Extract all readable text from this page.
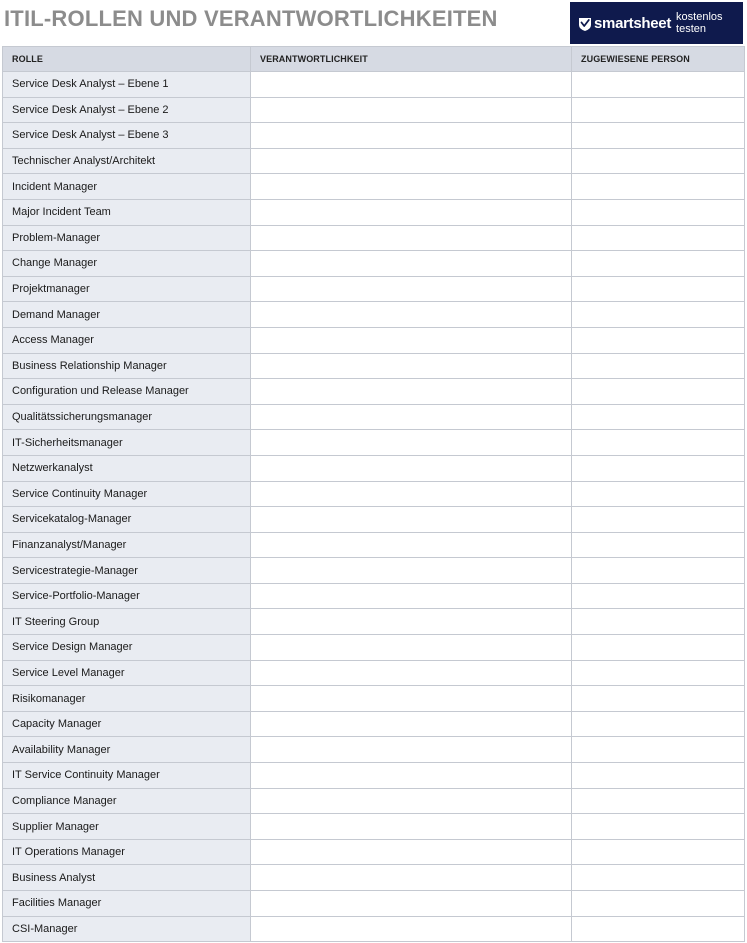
ITIL-ROLLEN UND VERANTWORTLICHKEITEN	smartsheet kostenlos testen
ROLLE	VERANTWORTLICHKEIT	ZUGEWIESENE PERSON
Service Desk Analyst – Ebene 1		
Service Desk Analyst – Ebene 2		
Service Desk Analyst – Ebene 3		
Technischer Analyst/Architekt		
Incident Manager		
Major Incident Team		
Problem-Manager		
Change Manager		
Projektmanager		
Demand Manager		
Access Manager		
Business Relationship Manager		
Configuration und Release Manager		
Qualitätssicherungsmanager		
IT-Sicherheitsmanager		
Netzwerkanalyst		
Service Continuity Manager		
Servicekatalog-Manager		
Finanzanalyst/Manager		
Servicestrategie-Manager		
Service-Portfolio-Manager		
IT Steering Group		
Service Design Manager		
Service Level Manager		
Risikomanager		
Capacity Manager		
Availability Manager		
IT Service Continuity Manager		
Compliance Manager		
Supplier Manager		
IT Operations Manager		
Business Analyst		
Facilities Manager		
CSI-Manager		
